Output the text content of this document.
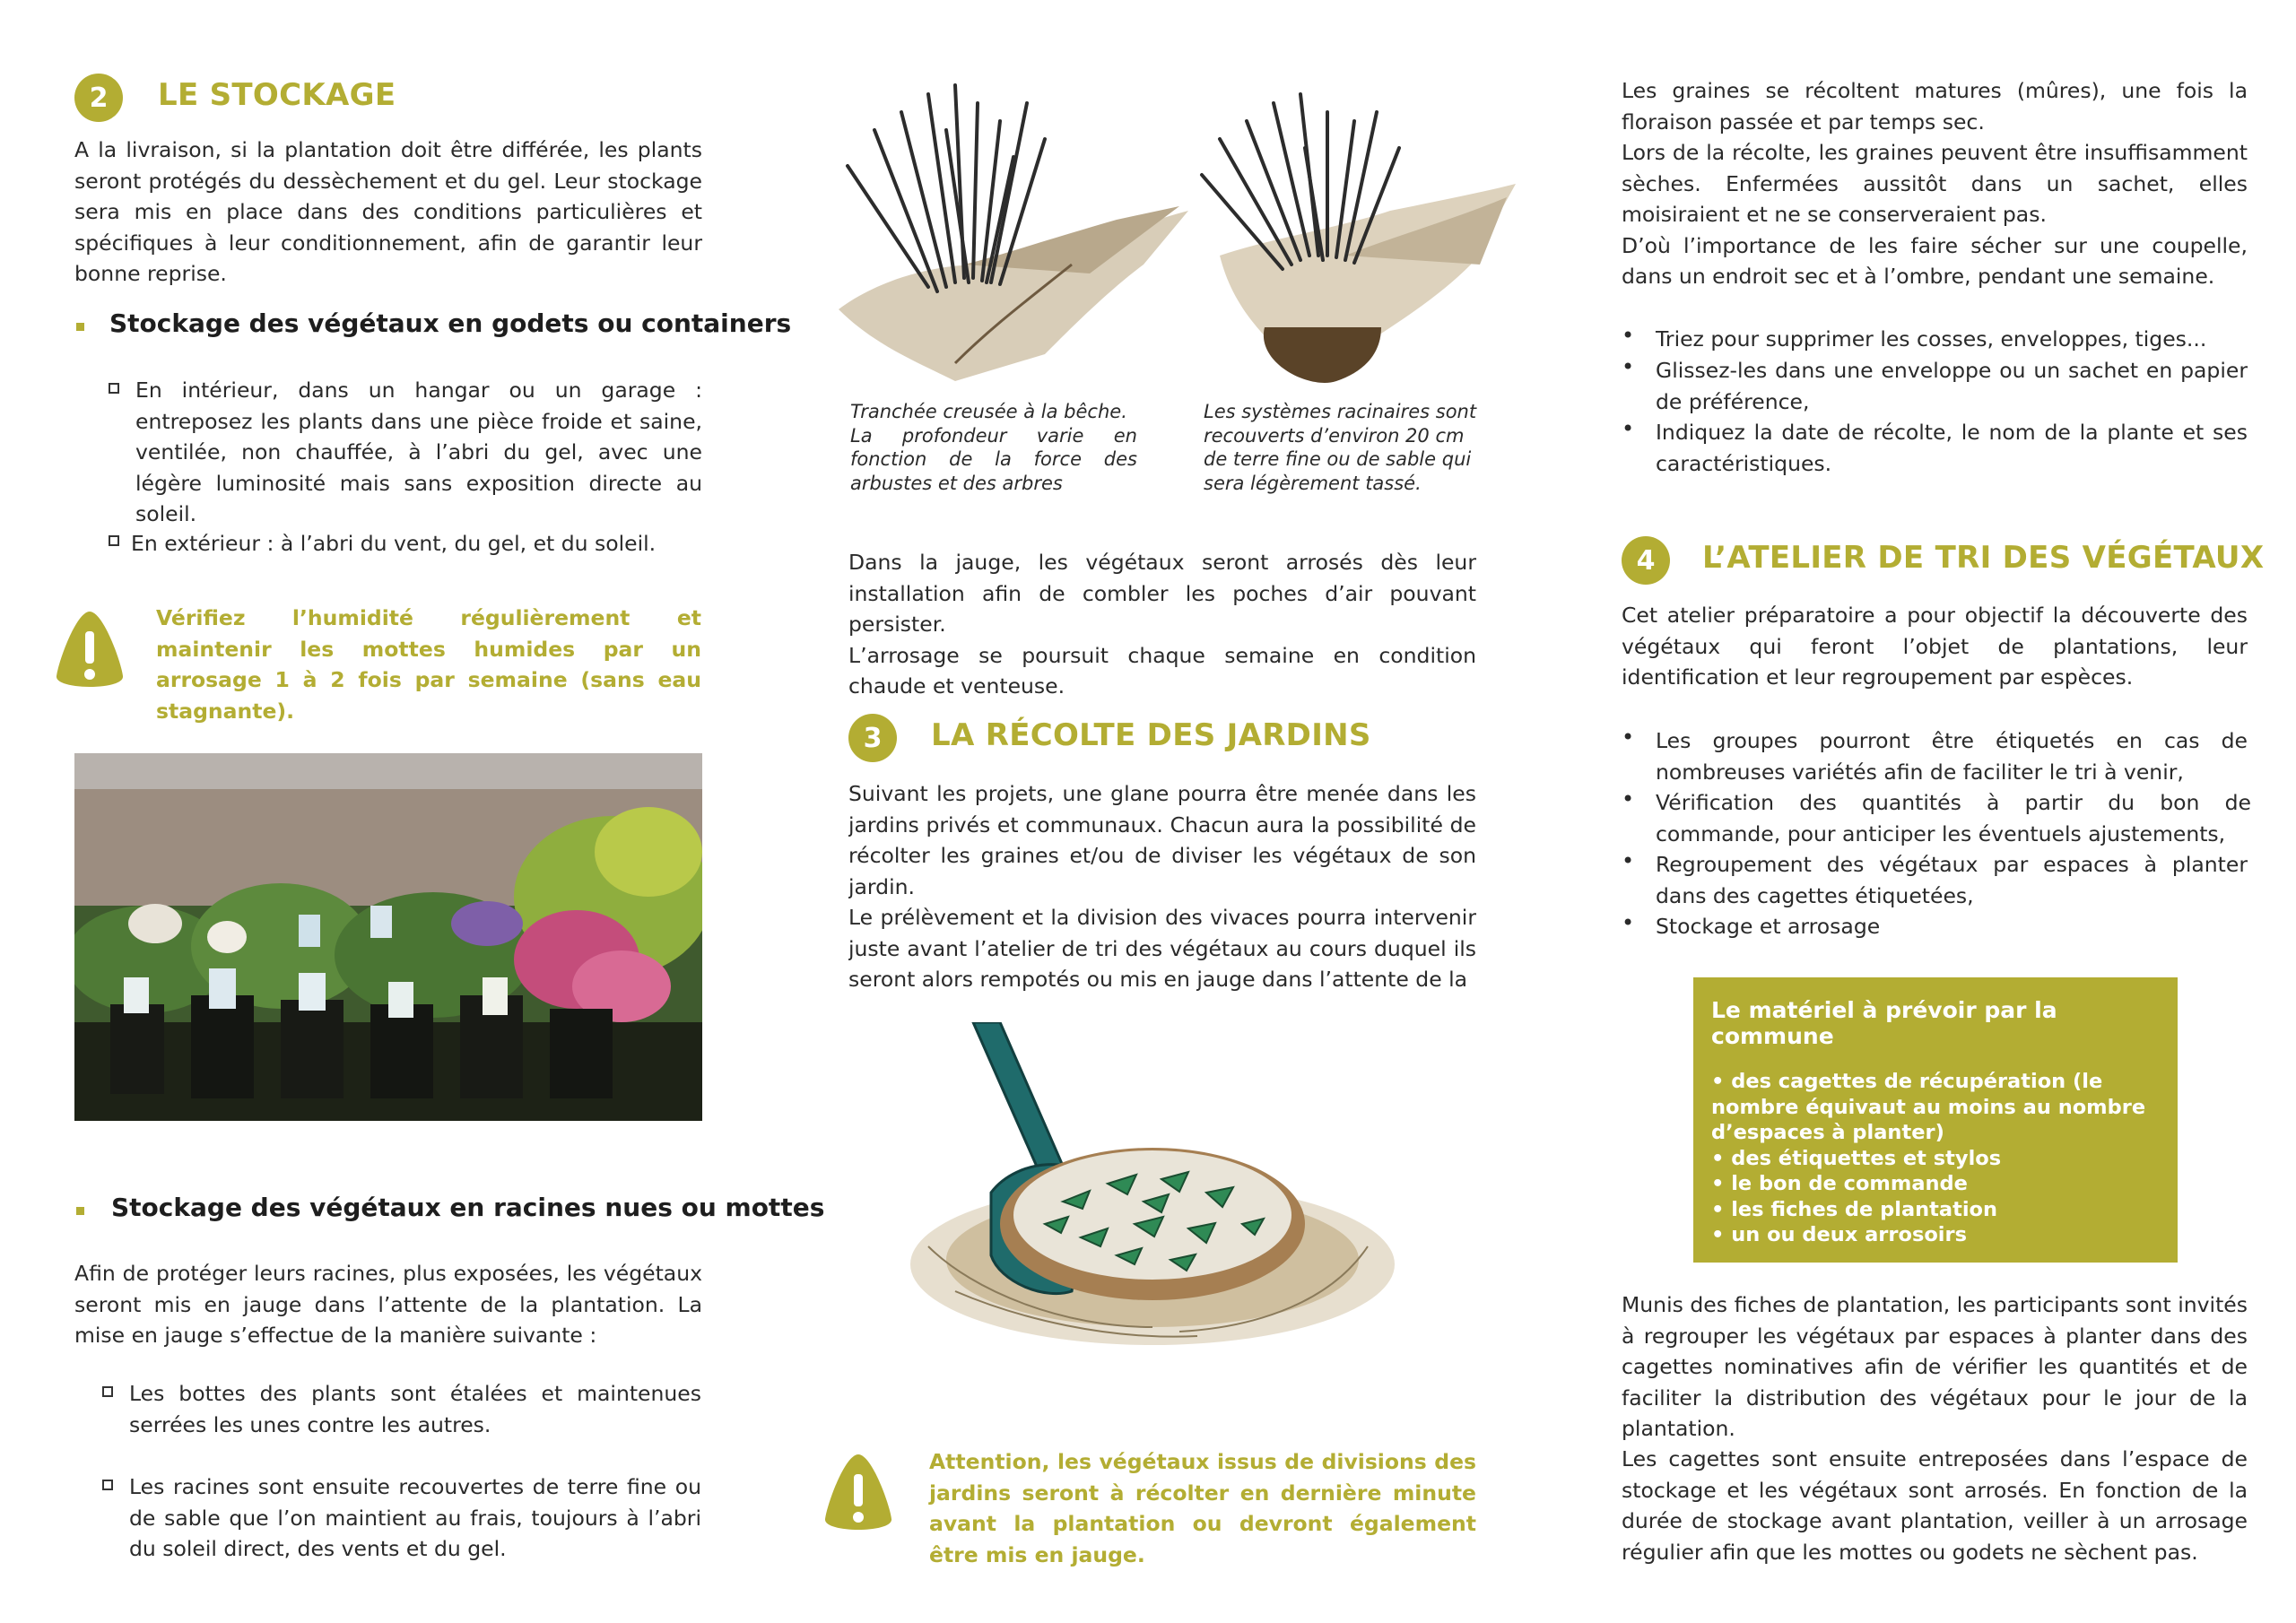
2	LE STOCKAGE

A la livraison, si la plantation doit être différée, les plants seront protégés du dessèchement et du gel. Leur stockage sera mis en place dans des conditions particulières et spécifiques à leur conditionnement, afin de garantir leur bonne reprise.

Stockage des végétaux en godets ou containers

En intérieur, dans un hangar ou un garage : entreposez les plants dans une pièce froide et saine, ventilée, non chauffée, à l’abri du gel, avec une légère luminosité mais sans exposition directe au soleil.

En extérieur : à l’abri du vent, du gel, et du soleil.

Vérifiez l’humidité régulièrement et maintenir les mottes humides par un arrosage 1 à 2 fois par semaine (sans eau stagnante).

Stockage des végétaux en racines nues ou mottes

Afin de protéger leurs racines, plus exposées, les végétaux seront mis en jauge dans l’attente de la plantation. La mise en jauge s’effectue de la manière suivante :

Les bottes des plants sont étalées et maintenues serrées les unes contre les autres.

Les racines sont ensuite recouvertes de terre fine ou de sable que l’on maintient au frais, toujours à l’abri du soleil direct, des vents et du gel.

Tranchée creusée à la bêche.
La profondeur varie en fonction de la force des arbustes et des arbres

Les systèmes racinaires sont recouverts d’environ 20 cm de terre fine ou de sable qui sera légèrement tassé.

Dans la jauge, les végétaux seront arrosés dès leur installation afin de combler les poches d’air pouvant persister.
L’arrosage se poursuit chaque semaine en condition chaude et venteuse.

3	LA RÉCOLTE DES JARDINS

Suivant les projets, une glane pourra être menée dans les jardins privés et communaux. Chacun aura la possibilité de récolter les graines et/ou de diviser les végétaux de son jardin.
Le prélèvement et la division des vivaces pourra intervenir juste avant l’atelier de tri des végétaux au cours duquel ils seront alors rempotés ou mis en jauge dans l’attente de la

Attention, les végétaux issus de divisions des jardins seront à récolter en dernière minute avant la plantation ou devront également être mis en jauge.

Les graines se récoltent matures (mûres), une fois la floraison passée et par temps sec.
Lors de la récolte, les graines peuvent être insuffisamment sèches. Enfermées aussitôt dans un sachet, elles moisiraient et ne se conserveraient pas.
D’où l’importance de les faire sécher sur une coupelle, dans un endroit sec et à l’ombre, pendant une semaine.

• Triez pour supprimer les cosses, enveloppes, tiges...

• Glissez-les dans une enveloppe ou un sachet en papier de préférence,

• Indiquez la date de récolte, le nom de la plante et ses caractéristiques.

4	L’ATELIER DE TRI DES VÉGÉTAUX

Cet atelier préparatoire a pour objectif la découverte des végétaux qui feront l’objet de plantations, leur identification et leur regroupement par espèces.

• Les groupes pourront être étiquetés en cas de nombreuses variétés afin de faciliter le tri à venir,

• Vérification des quantités à partir du bon de commande, pour anticiper les éventuels ajustements,

• Regroupement des végétaux par espaces à planter dans des cagettes étiquetées,

• Stockage et arrosage

Le matériel à prévoir par la commune

• des cagettes de récupération (le nombre équivaut au moins au nombre d’espaces à planter)

• des étiquettes et stylos

• le bon de commande

• les fiches de plantation

• un ou deux arrosoirs

Munis des fiches de plantation, les participants sont invités à regrouper les végétaux par espaces à planter dans des cagettes nominatives afin de vérifier les quantités et de faciliter la distribution des végétaux pour le jour de la plantation.

Les cagettes sont ensuite entreposées dans l’espace de stockage et les végétaux sont arrosés. En fonction de la durée de stockage avant plantation, veiller à un arrosage régulier afin que les mottes ou godets ne sèchent pas.
